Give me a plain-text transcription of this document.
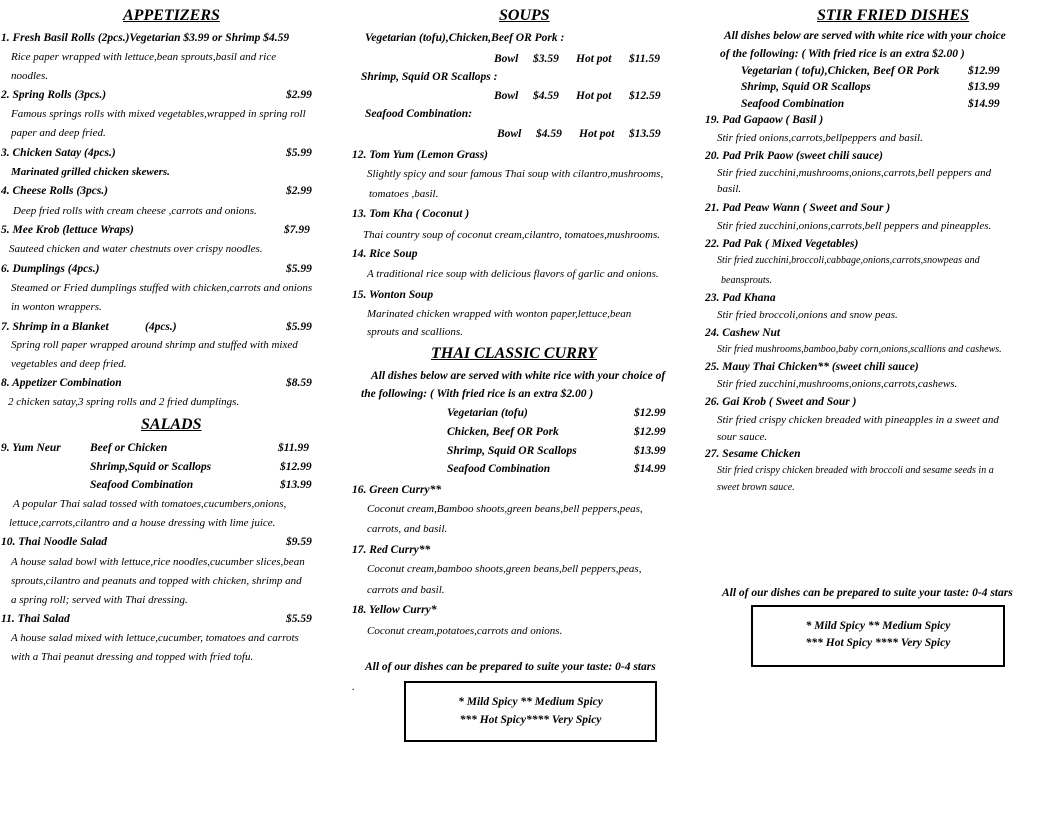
APPETIZERS
1. Fresh Basil Rolls (2pcs.)Vegetarian $3.99 or Shrimp $4.59
Rice paper wrapped with lettuce,bean sprouts,basil and rice
noodles.
2. Spring Rolls (3pcs.)	$2.99
Famous springs rolls with mixed vegetables,wrapped in spring roll
paper and deep fried.
3. Chicken Satay (4pcs.)	$5.99
Marinated grilled chicken skewers.
4. Cheese Rolls (3pcs.)	$2.99
Deep fried rolls with cream cheese ,carrots and onions.
5. Mee Krob (lettuce Wraps)	$7.99
Sauteed chicken and water chestnuts over crispy noodles.
6. Dumplings (4pcs.)	$5.99
Steamed or Fried dumplings stuffed with chicken,carrots and onions
in wonton wrappers.
7. Shrimp in a Blanket	(4pcs.)	$5.99
Spring roll paper wrapped around shrimp and stuffed with mixed
vegetables and deep fried.
8. Appetizer Combination	$8.59
2 chicken satay,3 spring rolls and 2 fried dumplings.
SALADS
9. Yum Neur	Beef or Chicken	$11.99
Shrimp,Squid or Scallops	$12.99
Seafood Combination	$13.99
A popular Thai salad tossed with tomatoes,cucumbers,onions,
lettuce,carrots,cilantro and a house dressing with lime juice.
10. Thai Noodle Salad	$9.59
A house salad bowl with lettuce,rice noodles,cucumber slices,bean
sprouts,cilantro and peanuts and topped with chicken, shrimp and
a spring roll; served with Thai dressing.
11. Thai Salad	$5.59
A house salad mixed with lettuce,cucumber, tomatoes and carrots
with a Thai peanut dressing and topped with fried tofu.
SOUPS
Vegetarian (tofu),Chicken,Beef OR Pork :
Bowl $3.59 Hot pot $11.59
Shrimp, Squid OR Scallops :
Bowl $4.59 Hot pot $12.59
Seafood Combination:
Bowl $4.59 Hot pot $13.59
12. Tom Yum (Lemon Grass)
Slightly spicy and sour famous Thai soup with cilantro,mushrooms,
tomatoes ,basil.
13. Tom Kha ( Coconut )
Thai country soup of coconut cream,cilantro, tomatoes,mushrooms.
14. Rice Soup
A traditional rice soup with delicious flavors of garlic and onions.
15. Wonton Soup
Marinated chicken wrapped with wonton paper,lettuce,bean
sprouts and scallions.
THAI CLASSIC CURRY
All dishes below are served with white rice with your choice of
the following: ( With fried rice is an extra $2.00 )
Vegetarian (tofu)	$12.99
Chicken, Beef OR Pork	$12.99
Shrimp, Squid OR Scallops	$13.99
Seafood Combination	$14.99
16. Green Curry**
Coconut cream,Bamboo shoots,green beans,bell peppers,peas,
carrots, and basil.
17. Red Curry**
Coconut cream,bamboo shoots,green beans,bell peppers,peas,
carrots and basil.
18. Yellow Curry*
Coconut cream,potatoes,carrots and onions.
All of our dishes can be prepared to suite your taste: 0-4 stars
.
* Mild Spicy ** Medium Spicy
*** Hot Spicy**** Very Spicy
STIR FRIED DISHES
All dishes below are served with white rice with your choice
of the following: ( With fried rice is an extra $2.00 )
Vegetarian ( tofu),Chicken, Beef OR Pork $12.99
Shrimp, Squid OR Scallops	$13.99
Seafood Combination	$14.99
19. Pad Gapaow ( Basil )
Stir fried onions,carrots,bellpeppers and basil.
20. Pad Prik Paow (sweet chili sauce)
Stir fried zucchini,mushrooms,onions,carrots,bell peppers and
basil.
21. Pad Peaw Wann ( Sweet and Sour )
Stir fried zucchini,onions,carrots,bell peppers and pineapples.
22. Pad Pak ( Mixed Vegetables)
Stir fried zucchini,broccoli,cabbage,onions,carrots,snowpeas and
beansprouts.
23. Pad Khana
Stir fried broccoli,onions and snow peas.
24. Cashew Nut
Stir fried mushrooms,bamboo,baby corn,onions,scallions and cashews.
25. Mauy Thai Chicken** (sweet chili sauce)
Stir fried zucchini,mushrooms,onions,carrots,cashews.
26. Gai Krob ( Sweet and Sour )
Stir fried crispy chicken breaded with pineapples in a sweet and
sour sauce.
27. Sesame Chicken
Stir fried crispy chicken breaded with broccoli and sesame seeds in a
sweet brown sauce.
All of our dishes can be prepared to suite your taste: 0-4 stars
* Mild Spicy ** Medium Spicy
*** Hot Spicy **** Very Spicy
